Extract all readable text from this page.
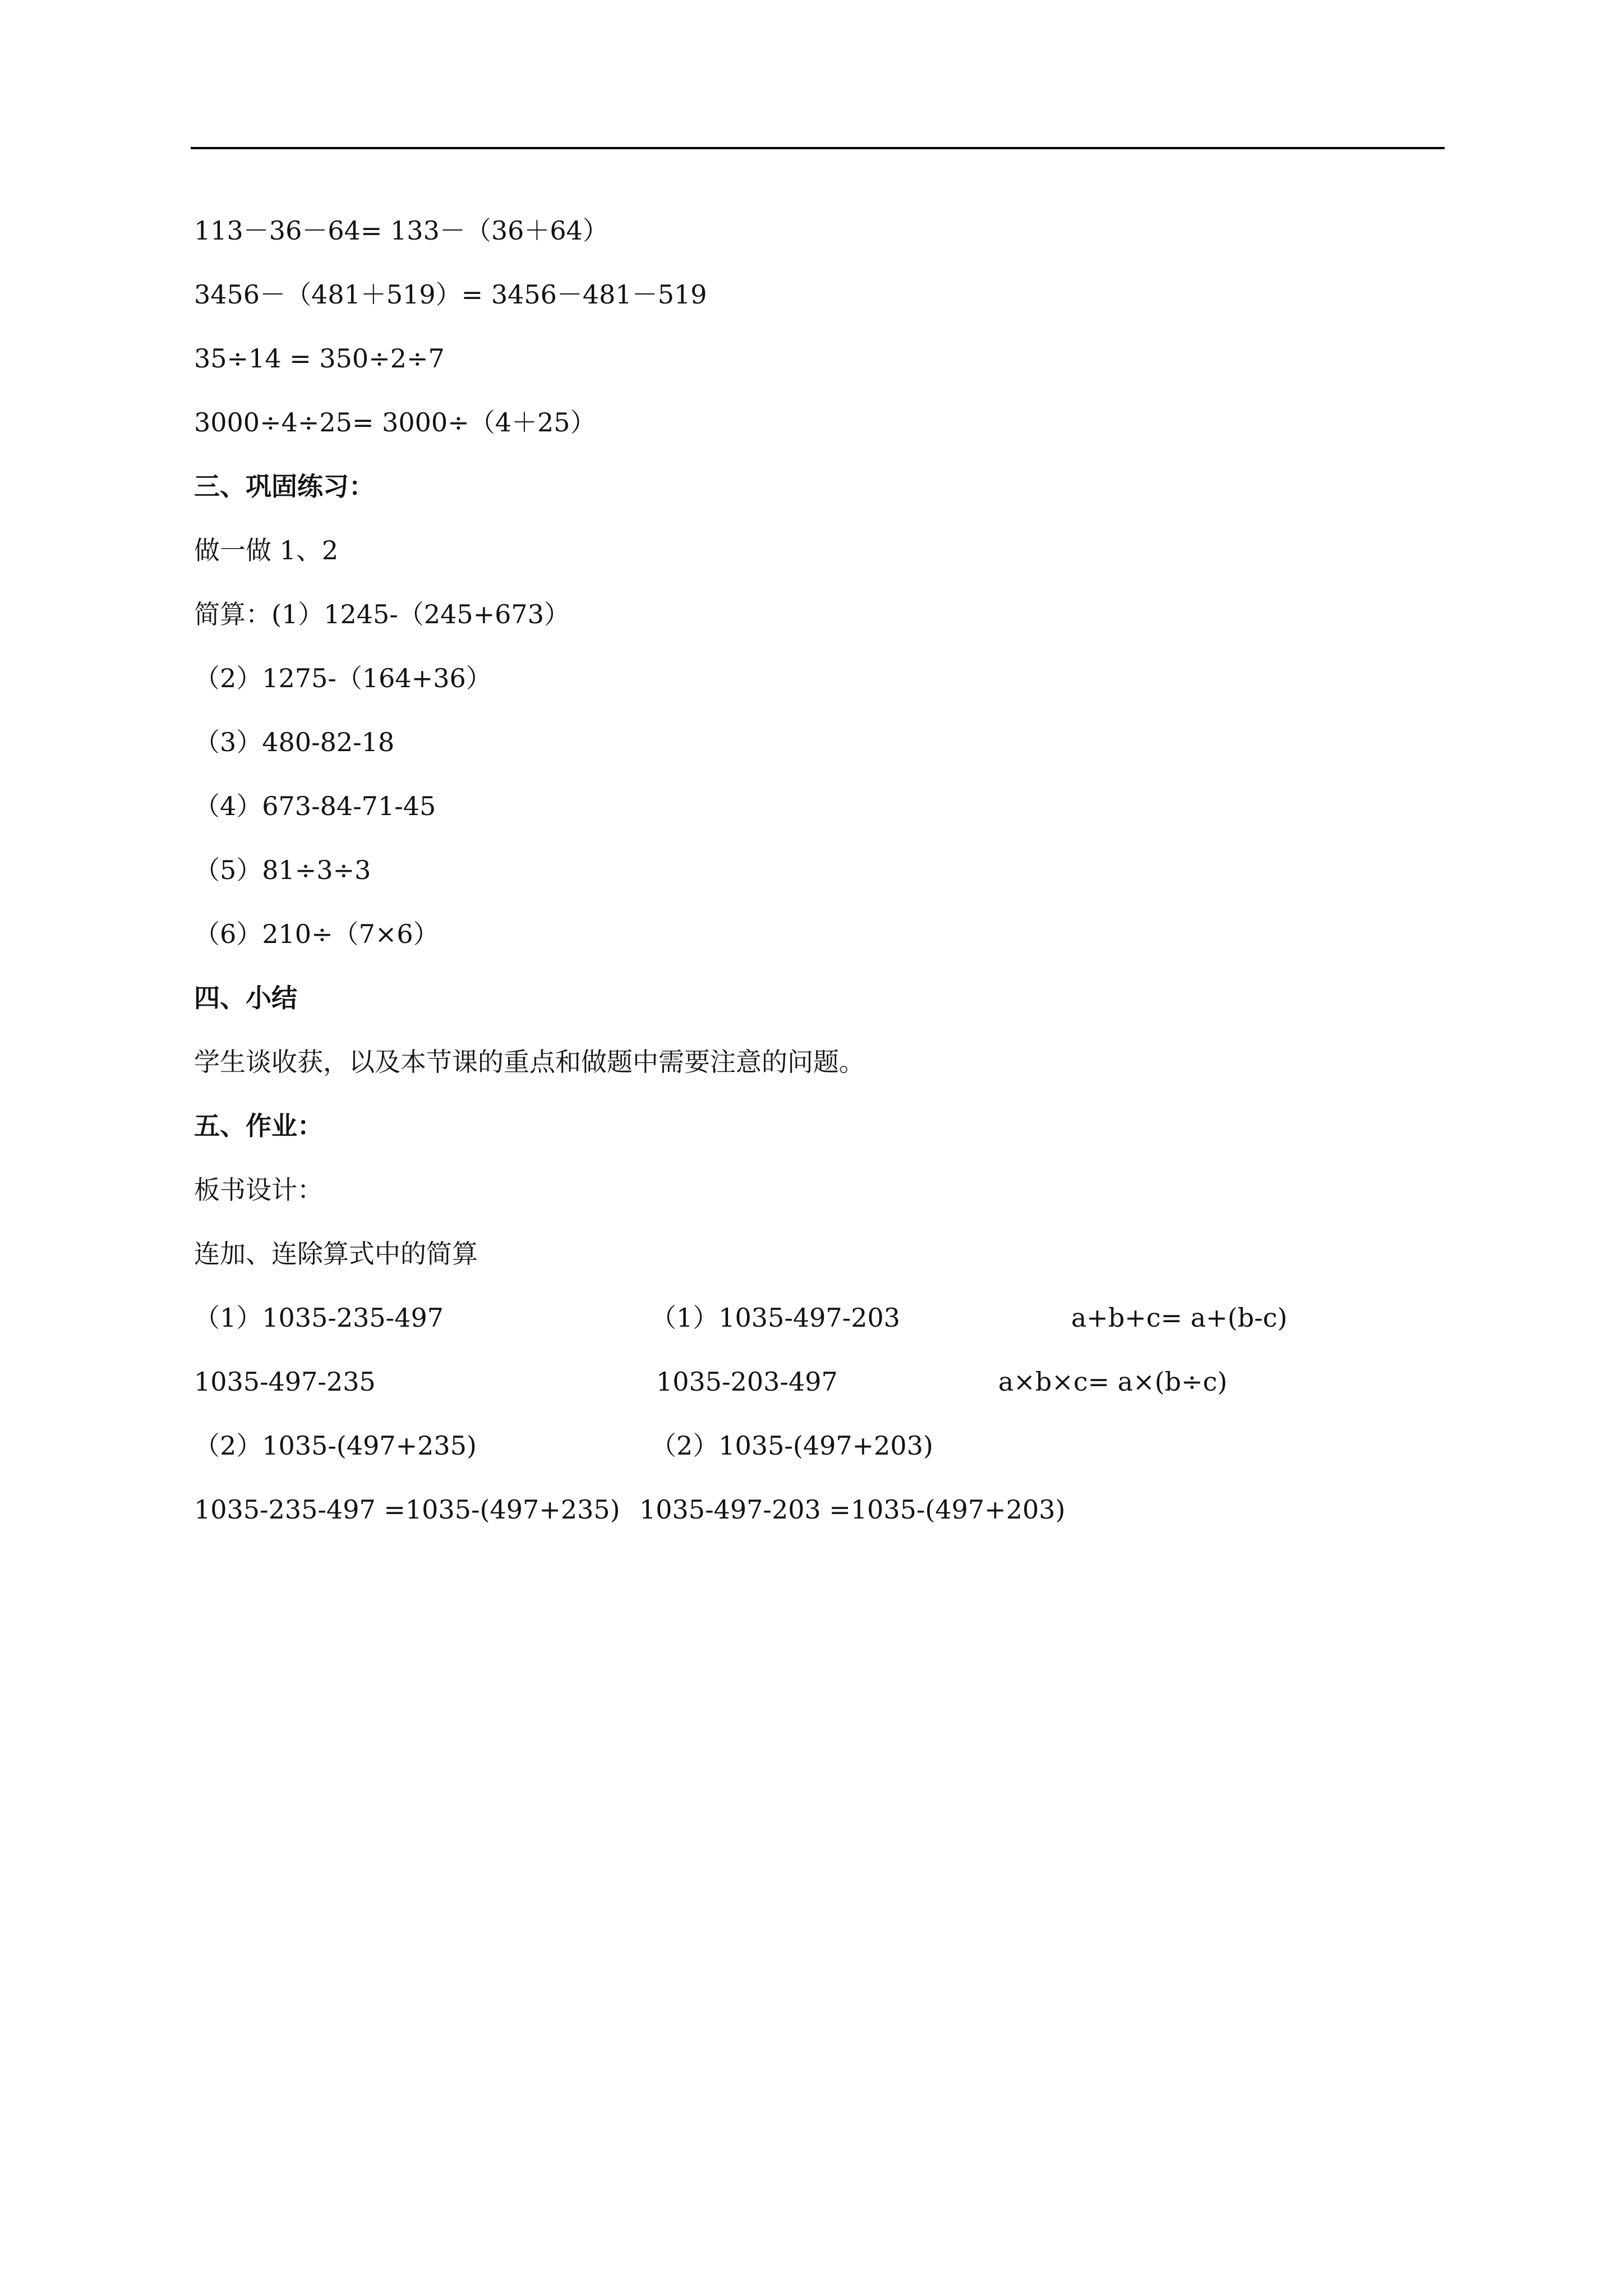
113－36－64= 133－（36＋64）
3456－（481＋519）= 3456－481－519
35÷14 = 350÷2÷7
3000÷4÷25= 3000÷（4＋25）
三、巩固练习：
做一做 1、2
简算：(1）1245-（245+673）
（2）1275-（164+36）
（3）480-82-18
（4）673-84-71-45
（5）81÷3÷3
（6）210÷（7×6）
四、小结
学生谈收获，以及本节课的重点和做题中需要注意的问题。
五、作业：
板书设计：
连加、连除算式中的简算
（1）1035-235-497	（1）1035-497-203	a+b+c= a+(b-c)
1035-497-235	1035-203-497	a×b×c= a×(b÷c)
（2）1035-(497+235)	（2）1035-(497+203)
1035-235-497 =1035-(497+235) 1035-497-203 =1035-(497+203)
